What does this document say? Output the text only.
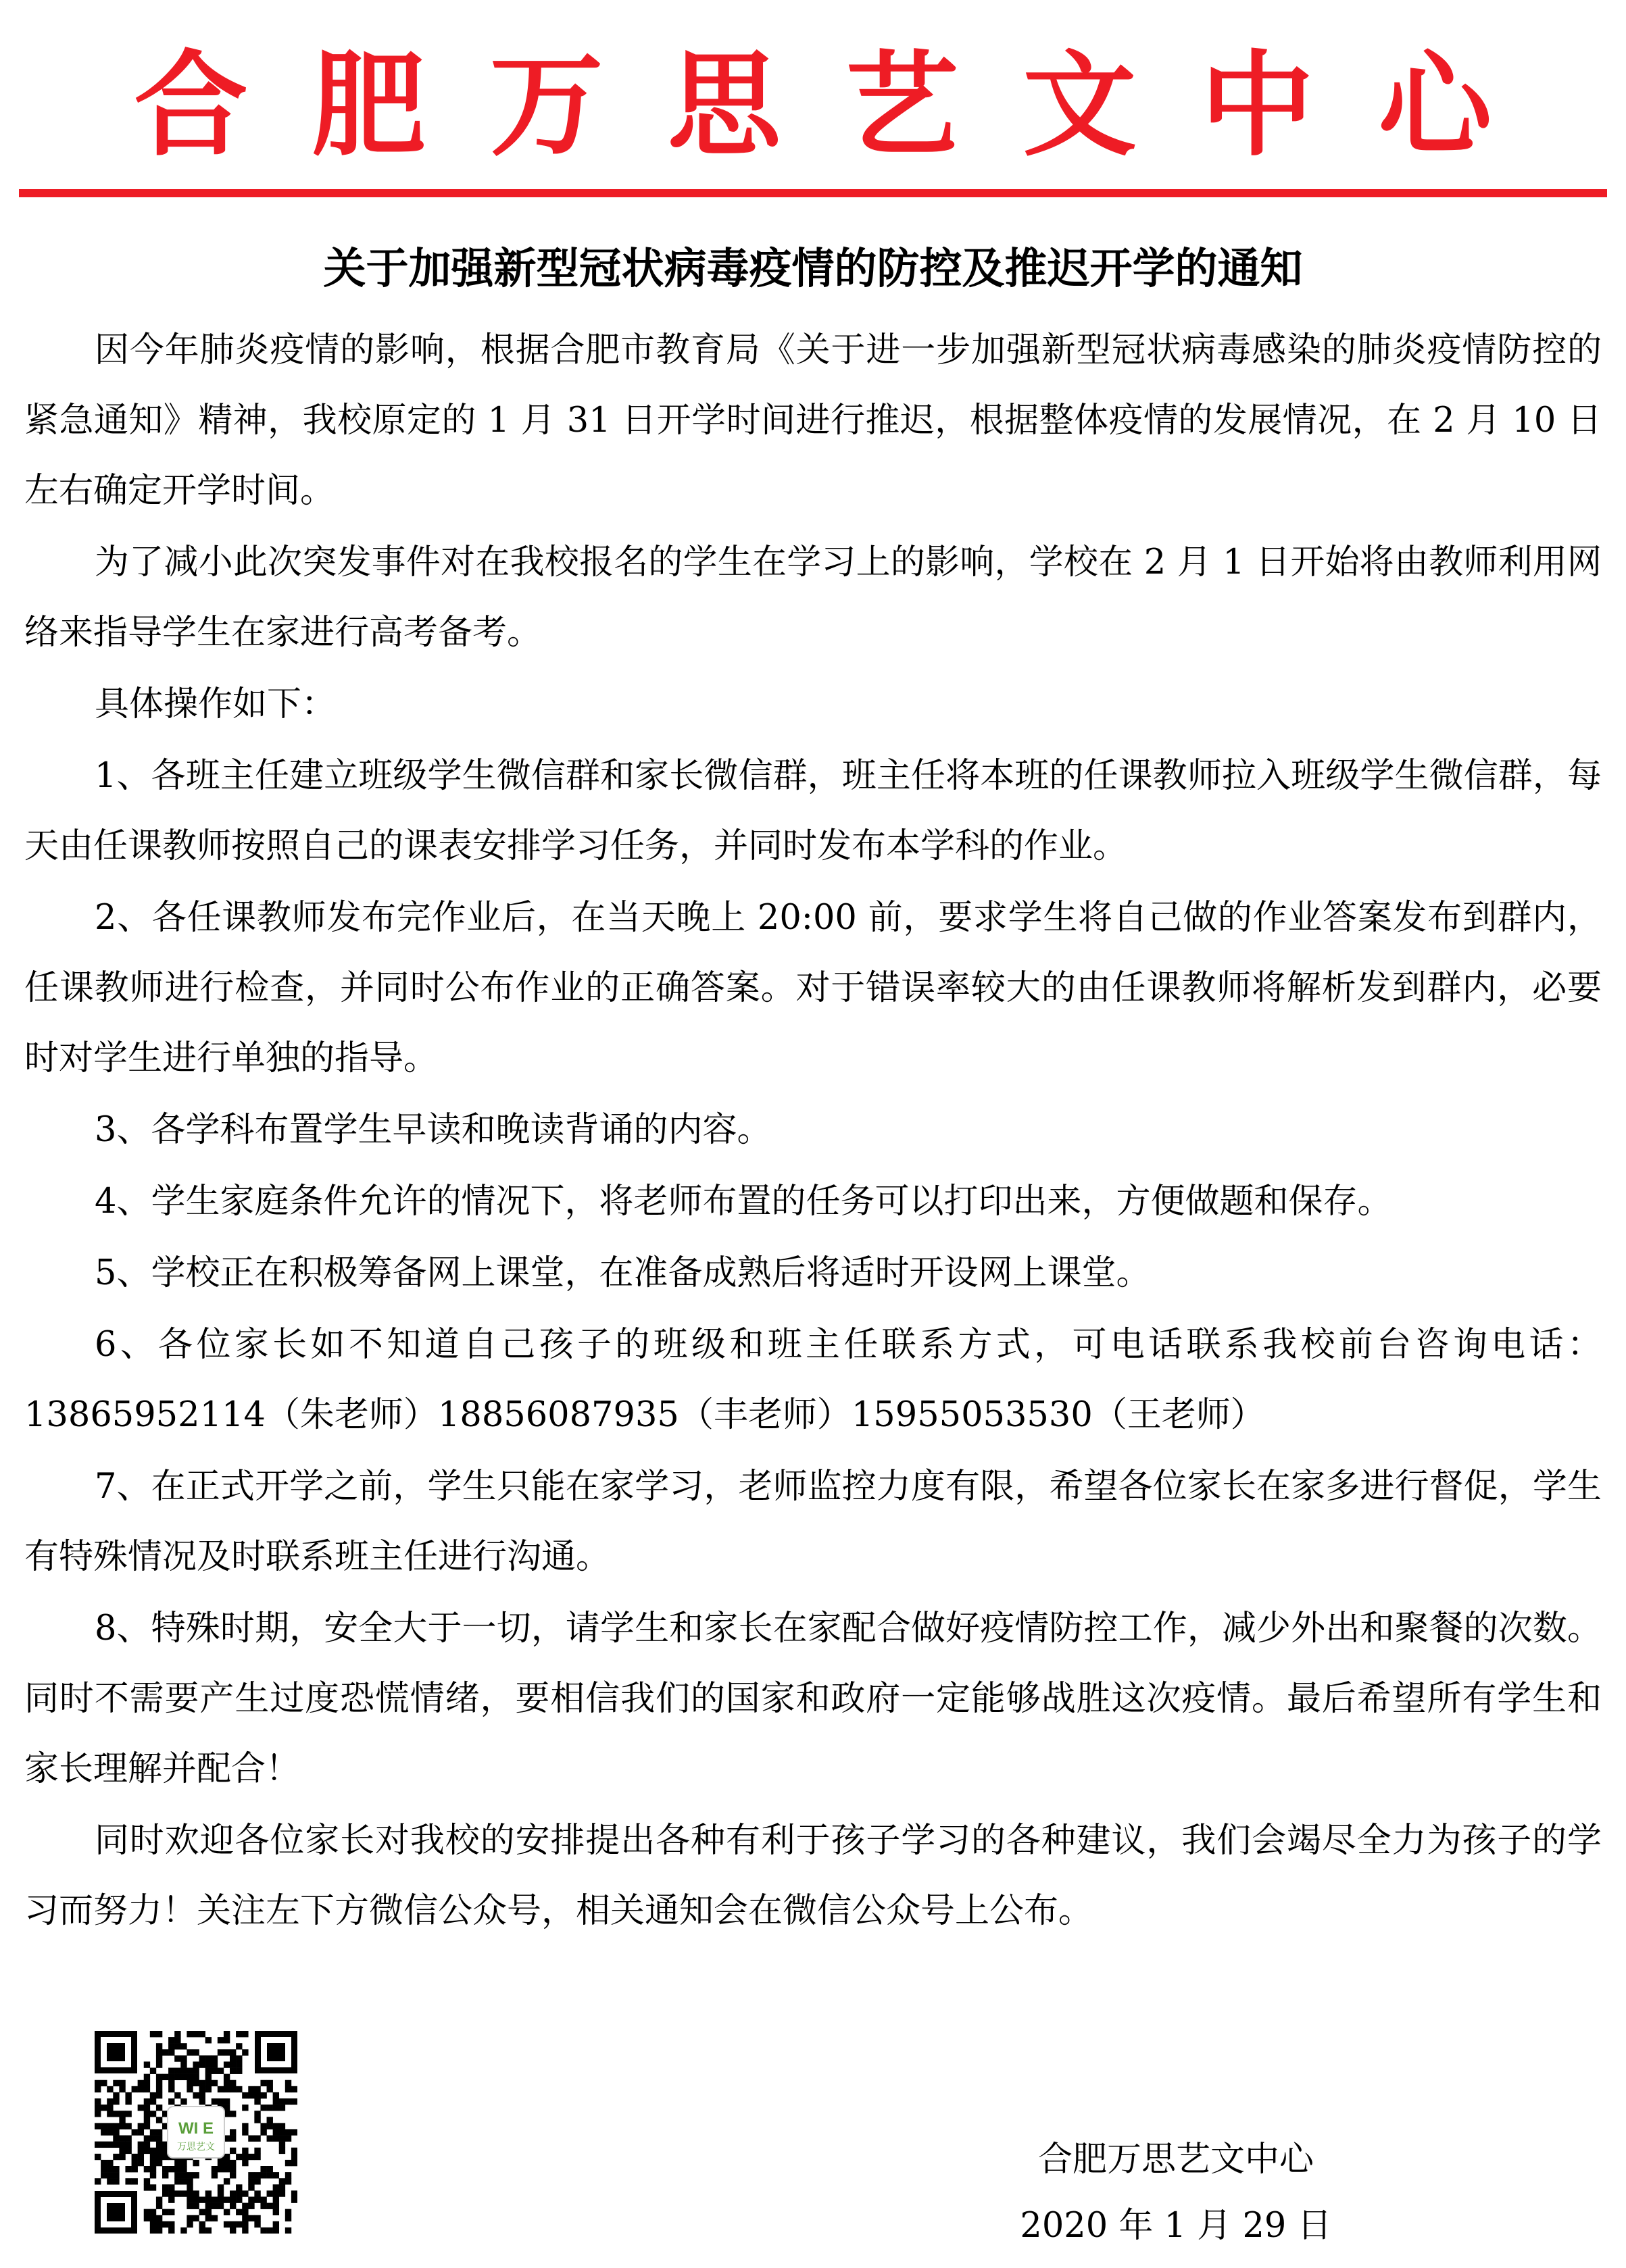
合肥万思艺文中心
关于加强新型冠状病毒疫情的防控及推迟开学的通知

因今年肺炎疫情的影响，根据合肥市教育局《关于进一步加强新型冠状病毒感染的肺炎疫情防控的紧急通知》精神，我校原定的 1 月 31 日开学时间进行推迟，根据整体疫情的发展情况，在 2 月 10 日左右确定开学时间。

为了减小此次突发事件对在我校报名的学生在学习上的影响，学校在 2 月 1 日开始将由教师利用网络来指导学生在家进行高考备考。

具体操作如下：

1、各班主任建立班级学生微信群和家长微信群，班主任将本班的任课教师拉入班级学生微信群，每天由任课教师按照自己的课表安排学习任务，并同时发布本学科的作业。

2、各任课教师发布完作业后，在当天晚上 20:00 前，要求学生将自己做的作业答案发布到群内，任课教师进行检查，并同时公布作业的正确答案。对于错误率较大的由任课教师将解析发到群内，必要时对学生进行单独的指导。

3、各学科布置学生早读和晚读背诵的内容。

4、学生家庭条件允许的情况下，将老师布置的任务可以打印出来，方便做题和保存。

5、学校正在积极筹备网上课堂，在准备成熟后将适时开设网上课堂。

6、各位家长如不知道自己孩子的班级和班主任联系方式，可电话联系我校前台咨询电话：13865952114（朱老师）18856087935（丰老师）15955053530（王老师）

7、在正式开学之前，学生只能在家学习，老师监控力度有限，希望各位家长在家多进行督促，学生有特殊情况及时联系班主任进行沟通。

8、特殊时期，安全大于一切，请学生和家长在家配合做好疫情防控工作，减少外出和聚餐的次数。同时不需要产生过度恐慌情绪，要相信我们的国家和政府一定能够战胜这次疫情。最后希望所有学生和家长理解并配合！

同时欢迎各位家长对我校的安排提出各种有利于孩子学习的各种建议，我们会竭尽全力为孩子的学习而努力！关注左下方微信公众号，相关通知会在微信公众号上公布。

WI E
万思艺文	合肥万思艺文中心
2020 年 1 月 29 日
